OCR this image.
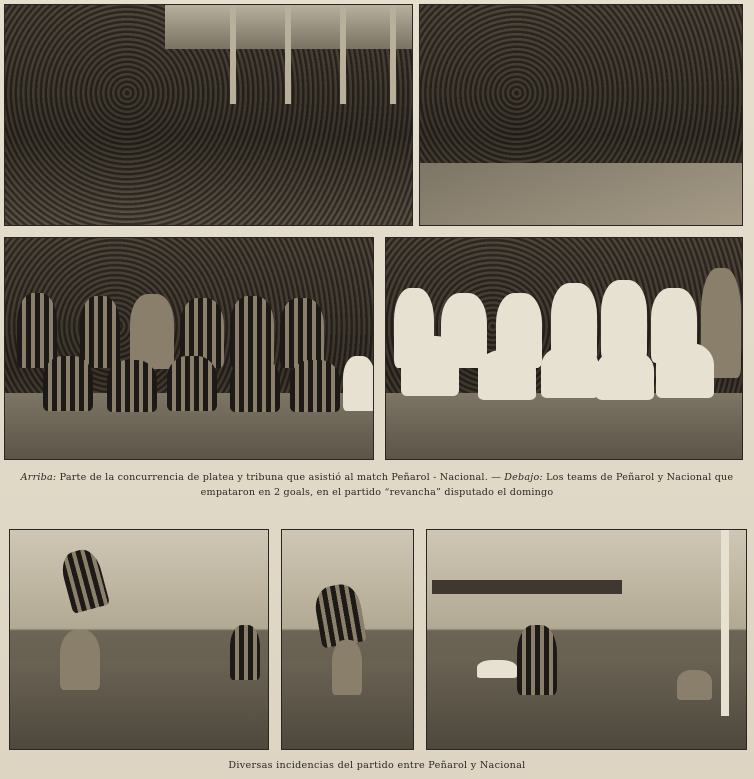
Arriba: Parte de la concurrencia de platea y tribuna que asistió al match Peñarol - Nacional. — Debajo: Los teams de Peñarol y Nacional que empataron en 2 goals, en el partido “revancha” disputado el domingo
Diversas incidencias del partido entre Peñarol y Nacional
